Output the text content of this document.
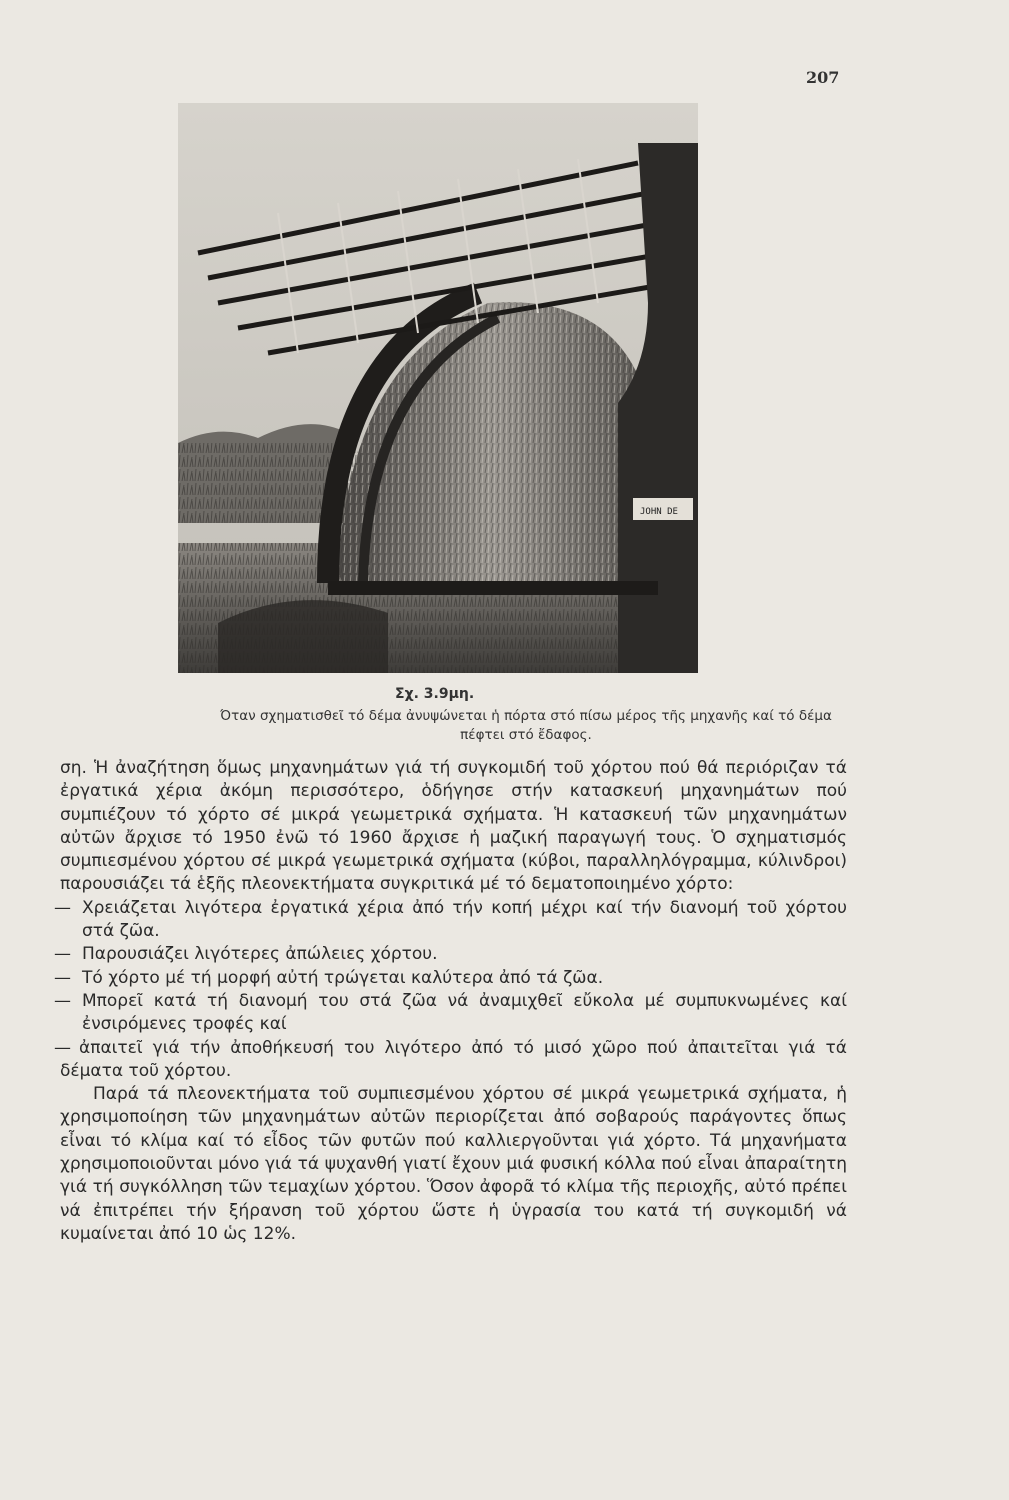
207
JOHN DE
Σχ. 3.9μη.
Όταν σχηματισθεῖ τό δέμα ἀνυψώνεται ἡ πόρτα στό πίσω μέρος τῆς μηχανῆς καί τό δέμα πέφτει στό ἔδαφος.

ση. Ἡ ἀναζήτηση ὅμως μηχανημάτων γιά τή συγκομιδή τοῦ χόρτου πού θά περιόριζαν τά ἐργατικά χέρια ἀκόμη περισσότερο, ὁδήγησε στήν κατασκευή μηχανημάτων πού συμπιέζουν τό χόρτο σέ μικρά γεωμετρικά σχήματα. Ἡ κατασκευή τῶν μηχανημάτων αὐτῶν ἄρχισε τό 1950 ἐνῶ τό 1960 ἄρχισε ἡ μαζική παραγωγή τους. Ὁ σχηματισμός συμπιεσμένου χόρτου σέ μικρά γεωμετρικά σχήματα (κύβοι, παραλληλόγραμμα, κύλινδροι) παρουσιάζει τά ἑξῆς πλεονεκτήματα συγκριτικά μέ τό δεματοποιημένο χόρτο:

— Χρειάζεται λιγότερα ἐργατικά χέρια ἀπό τήν κοπή μέχρι καί τήν διανομή τοῦ χόρτου στά ζῶα.
— Παρουσιάζει λιγότερες ἀπώλειες χόρτου.
— Τό χόρτο μέ τή μορφή αὐτή τρώγεται καλύτερα ἀπό τά ζῶα.
— Μπορεῖ κατά τή διανομή του στά ζῶα νά ἀναμιχθεῖ εὔκολα μέ συμπυκνωμένες καί ἐνσιρόμενες τροφές καί
— ἀπαιτεῖ γιά τήν ἀποθήκευσή του λιγότερο ἀπό τό μισό χῶρο πού ἀπαιτεῖται γιά τά δέματα τοῦ χόρτου.

Παρά τά πλεονεκτήματα τοῦ συμπιεσμένου χόρτου σέ μικρά γεωμετρικά σχήματα, ἡ χρησιμοποίηση τῶν μηχανημάτων αὐτῶν περιορίζεται ἀπό σοβαρούς παράγοντες ὅπως εἶναι τό κλίμα καί τό εἶδος τῶν φυτῶν πού καλλιεργοῦνται γιά χόρτο. Τά μηχανήματα χρησιμοποιοῦνται μόνο γιά τά ψυχανθή γιατί ἔχουν μιά φυσική κόλλα πού εἶναι ἀπαραίτητη γιά τή συγκόλληση τῶν τεμαχίων χόρτου. Ὅσον ἀφορᾶ τό κλίμα τῆς περιοχῆς, αὐτό πρέπει νά ἐπιτρέπει τήν ξήρανση τοῦ χόρτου ὥστε ἡ ὑγρασία του κατά τή συγκομιδή νά κυμαίνεται ἀπό 10 ὡς 12%.
